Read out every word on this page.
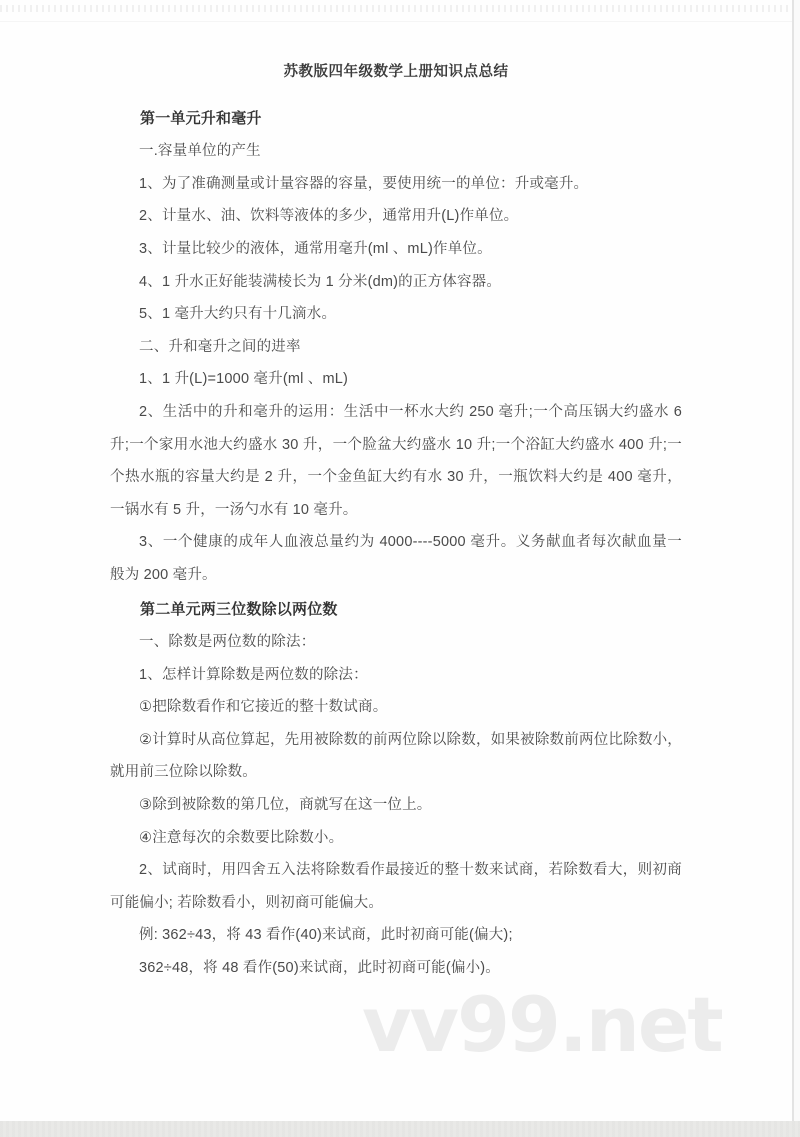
vv99.net
苏教版四年级数学上册知识点总结
第一单元升和毫升
一.容量单位的产生
1、为了准确测量或计量容器的容量，要使用统一的单位：升或毫升。
2、计量水、油、饮料等液体的多少，通常用升(L)作单位。
3、计量比较少的液体，通常用毫升(ml 、mL)作单位。
4、1 升水正好能装满棱长为 1 分米(dm)的正方体容器。
5、1 毫升大约只有十几滴水。
二、升和毫升之间的进率
1、1 升(L)=1000 毫升(ml 、mL)
2、生活中的升和毫升的运用：生活中一杯水大约 250 毫升;一个高压锅大约盛水 6 升;一个家用水池大约盛水 30 升，一个脸盆大约盛水 10 升;一个浴缸大约盛水 400 升;一个热水瓶的容量大约是 2 升，一个金鱼缸大约有水 30 升，一瓶饮料大约是 400 毫升，一锅水有 5 升，一汤勺水有 10 毫升。
3、一个健康的成年人血液总量约为 4000----5000 毫升。义务献血者每次献血量一般为 200 毫升。
第二单元两三位数除以两位数
一、除数是两位数的除法：
1、怎样计算除数是两位数的除法：
①把除数看作和它接近的整十数试商。
②计算时从高位算起，先用被除数的前两位除以除数，如果被除数前两位比除数小，就用前三位除以除数。
③除到被除数的第几位，商就写在这一位上。
④注意每次的余数要比除数小。
2、试商时，用四舍五入法将除数看作最接近的整十数来试商，若除数看大，则初商可能偏小; 若除数看小，则初商可能偏大。
例: 362÷43，将 43 看作(40)来试商，此时初商可能(偏大);
362÷48，将 48 看作(50)来试商，此时初商可能(偏小)。
